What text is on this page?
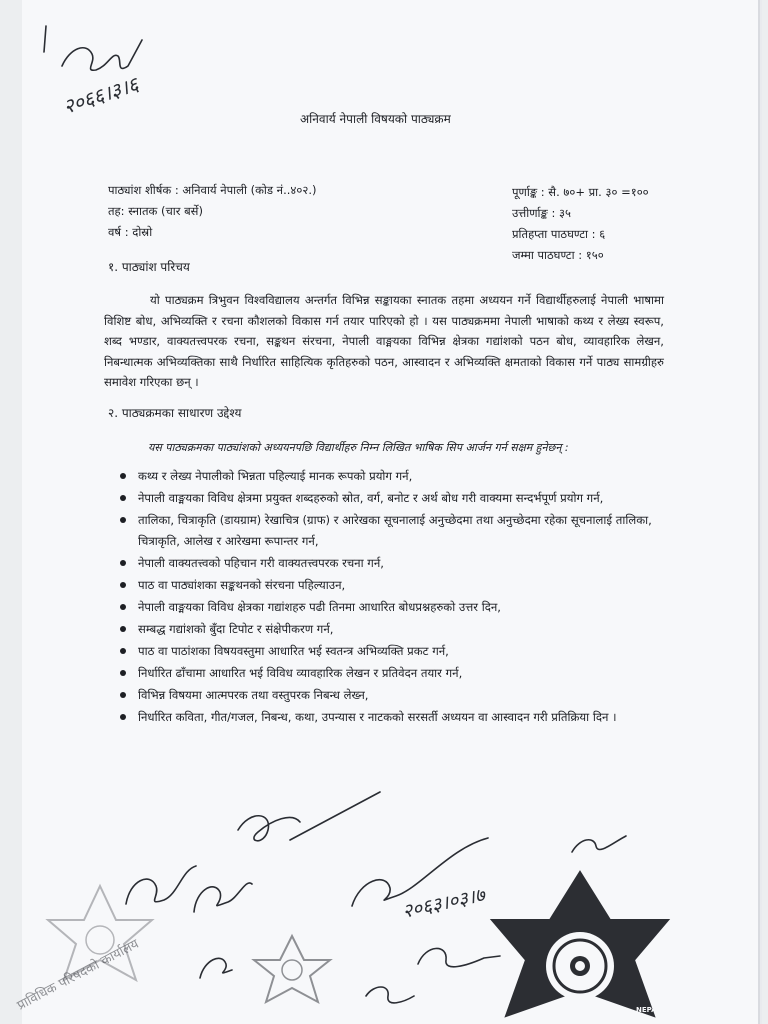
२०६६।३।६
२०६३।०३।७
प्राविधिक परिषदको कार्यालय	KATHMANDU	NEPAL
अनिवार्य नेपाली विषयको पाठ्यक्रम
पाठ्यांश शीर्षक : अनिवार्य नेपाली (कोड नं..४०२.)
तह: स्नातक (चार बर्से)
वर्ष : दोस्रो
पूर्णाङ्क : सै. ७०+ प्रा. ३० =१००
उत्तीर्णाङ्क : ३५
प्रतिहप्ता पाठघण्टा : ६
जम्मा पाठघण्टा : १५०
१. पाठ्यांश परिचय
यो पाठ्यक्रम त्रिभुवन विश्वविद्यालय अन्तर्गत विभिन्न सङ्कायका स्नातक तहमा अध्ययन गर्ने विद्यार्थीहरुलाई नेपाली भाषामा विशिष्ट बोध, अभिव्यक्ति र रचना कौशलको विकास गर्न तयार पारिएको हो । यस पाठ्यक्रममा नेपाली भाषाको कथ्य र लेख्य स्वरूप, शब्द भण्डार, वाक्यतत्त्वपरक रचना, सङ्कथन संरचना, नेपाली वाङ्मयका विभिन्न क्षेत्रका गद्यांशको पठन बोध, व्यावहारिक लेखन, निबन्धात्मक अभिव्यक्तिका साथै निर्धारित साहित्यिक कृतिहरुको पठन, आस्वादन र अभिव्यक्ति क्षमताको विकास गर्ने पाठ्य सामग्रीहरु समावेश गरिएका छन् ।
२. पाठ्यक्रमका साधारण उद्देश्य
यस पाठ्यक्रमका पाठ्यांशको अध्ययनपछि विद्यार्थीहरु निम्न लिखित भाषिक सिप आर्जन गर्न सक्षम हुनेछन् :
कथ्य र लेख्य नेपालीको भिन्नता पहिल्याई मानक रूपको प्रयोग गर्न,
नेपाली वाङ्मयका विविध क्षेत्रमा प्रयुक्त शब्दहरुको स्रोत, वर्ग, बनोट र अर्थ बोध गरी वाक्यमा सन्दर्भपूर्ण प्रयोग गर्न,
तालिका, चित्राकृति (डायग्राम) रेखाचित्र (ग्राफ) र आरेखका सूचनालाई अनुच्छेदमा तथा अनुच्छेदमा रहेका सूचनालाई तालिका, चित्राकृति, आलेख र आरेखमा रूपान्तर गर्न,
नेपाली वाक्यतत्त्वको पहिचान गरी वाक्यतत्त्वपरक रचना गर्न,
पाठ वा पाठ्यांशका सङ्कथनको संरचना पहिल्याउन,
नेपाली वाङ्मयका विविध क्षेत्रका गद्यांशहरु पढी तिनमा आधारित बोधप्रश्नहरुको उत्तर दिन,
सम्बद्ध गद्यांशको बुँदा टिपोट र संक्षेपीकरण गर्न,
पाठ वा पाठांशका विषयवस्तुमा आधारित भई स्वतन्त्र अभिव्यक्ति प्रकट गर्न,
निर्धारित ढाँचामा आधारित भई विविध व्यावहारिक लेखन र प्रतिवेदन तयार गर्न,
विभिन्न विषयमा आत्मपरक तथा वस्तुपरक निबन्ध लेख्न,
निर्धारित कविता, गीत/गजल, निबन्ध, कथा, उपन्यास र नाटकको सरसर्ती अध्ययन वा आस्वादन गरी प्रतिक्रिया दिन ।
